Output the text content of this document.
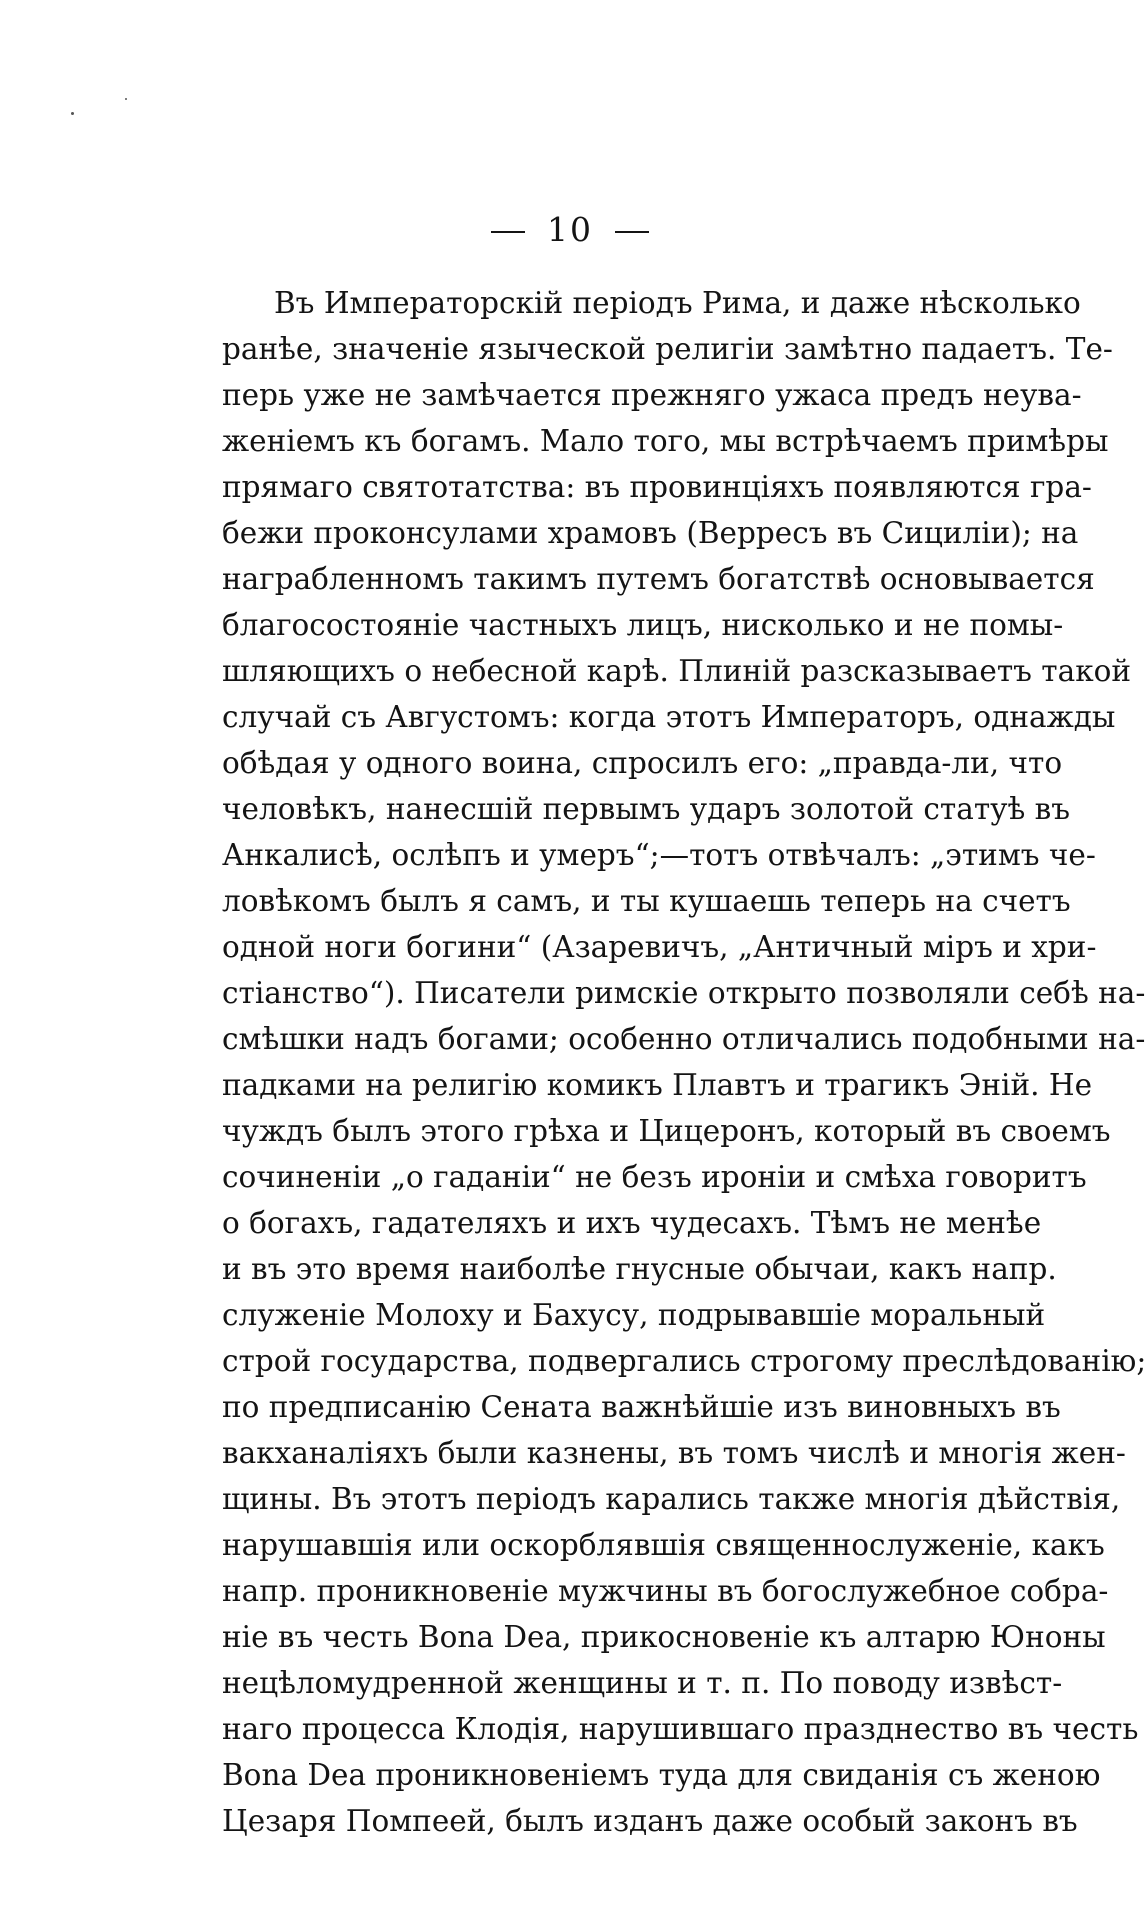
10
Въ Императорскій періодъ Рима, и даже нѣсколько
ранѣе, значеніе языческой религіи замѣтно падаетъ. Те-
перь уже не замѣчается прежняго ужаса предъ неува-
женіемъ къ богамъ. Мало того, мы встрѣчаемъ примѣры
прямаго святотатства: въ провинціяхъ появляются гра-
бежи проконсулами храмовъ (Верресъ въ Сициліи); на
награбленномъ такимъ путемъ богатствѣ основывается
благосостояніе частныхъ лицъ, нисколько и не помы-
шляющихъ о небесной карѣ. Плиній разсказываетъ такой
случай съ Августомъ: когда этотъ Императоръ, однажды
обѣдая у одного воина, спросилъ его: „правда-ли, что
человѣкъ, нанесшій первымъ ударъ золотой статуѣ въ
Анкалисѣ, ослѣпъ и умеръ“;—тотъ отвѣчалъ: „этимъ че-
ловѣкомъ былъ я самъ, и ты кушаешь теперь на счетъ
одной ноги богини“ (Азаревичъ, „Античный міръ и хри-
стіанство“). Писатели римскіе открыто позволяли себѣ на-
смѣшки надъ богами; особенно отличались подобными на-
падками на религію комикъ Плавтъ и трагикъ Эній. Не
чуждъ былъ этого грѣха и Цицеронъ, который въ своемъ
сочиненіи „о гаданіи“ не безъ ироніи и смѣха говоритъ
о богахъ, гадателяхъ и ихъ чудесахъ. Тѣмъ не менѣе
и въ это время наиболѣе гнусные обычаи, какъ напр.
служеніе Молоху и Бахусу, подрывавшіе моральный
строй государства, подвергались строгому преслѣдованію;
по предписанію Сената важнѣйшіе изъ виновныхъ въ
вакханаліяхъ были казнены, въ томъ числѣ и многія жен-
щины. Въ этотъ періодъ карались также многія дѣйствія,
нарушавшія или оскорблявшія священнослуженіе, какъ
напр. проникновеніе мужчины въ богослужебное собра-
ніе въ честь Bona Dea, прикосновеніе къ алтарю Юноны
нецѣломудренной женщины и т. п. По поводу извѣст-
наго процесса Клодія, нарушившаго празднество въ честь
Bona Dea проникновеніемъ туда для свиданія съ женою
Цезаря Помпеей, былъ изданъ даже особый законъ въ
